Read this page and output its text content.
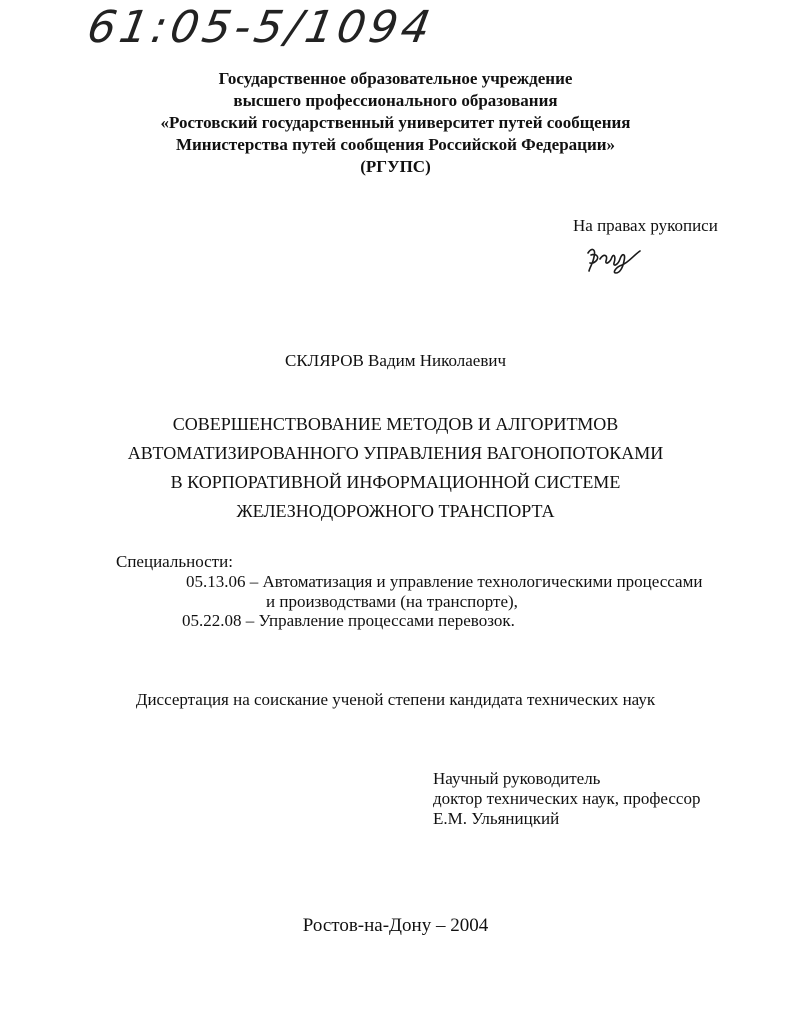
61:05-5/1094
Государственное образовательное учреждение
высшего профессионального образования
«Ростовский государственный университет путей сообщения
Министерства путей сообщения Российской Федерации»
(РГУПС)
На правах рукописи
СКЛЯРОВ Вадим Николаевич
СОВЕРШЕНСТВОВАНИЕ МЕТОДОВ И АЛГОРИТМОВ
АВТОМАТИЗИРОВАННОГО УПРАВЛЕНИЯ ВАГОНОПОТОКАМИ
В КОРПОРАТИВНОЙ ИНФОРМАЦИОННОЙ СИСТЕМЕ
ЖЕЛЕЗНОДОРОЖНОГО ТРАНСПОРТА
Специальности:
05.13.06 – Автоматизация и управление технологическими процессами
и производствами (на транспорте),
05.22.08 – Управление процессами перевозок.
Диссертация на соискание ученой степени кандидата технических наук
Научный руководитель
доктор технических наук, профессор
Е.М. Ульяницкий
Ростов-на-Дону – 2004
